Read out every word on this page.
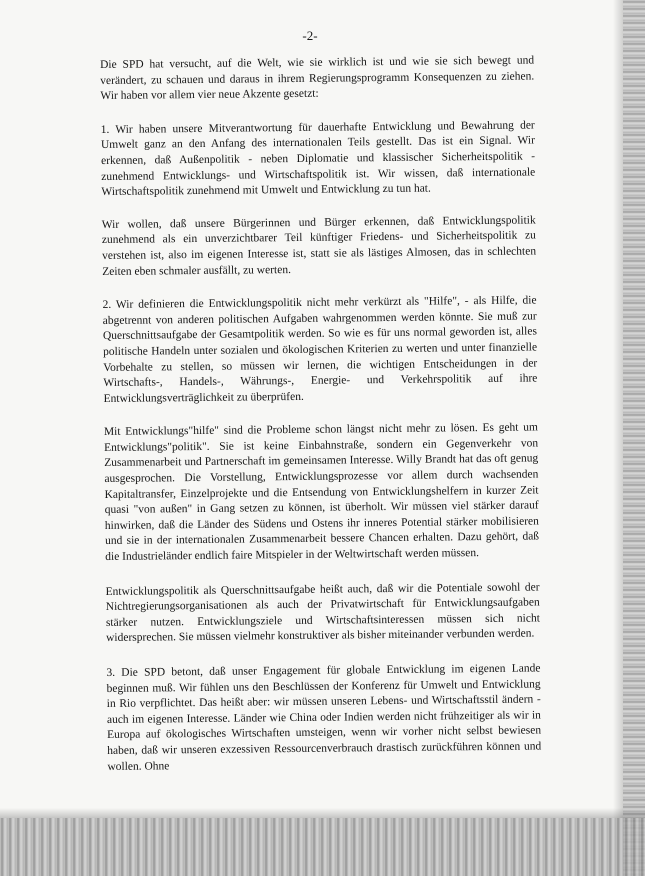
-2-

Die SPD hat versucht, auf die Welt, wie sie wirklich ist und wie sie sich bewegt und verändert, zu schauen und daraus in ihrem Regierungsprogramm Konsequenzen zu ziehen. Wir haben vor allem vier neue Akzente gesetzt:

1. Wir haben unsere Mitverantwortung für dauerhafte Entwicklung und Bewahrung der Umwelt ganz an den Anfang des internationalen Teils gestellt. Das ist ein Signal. Wir erkennen, daß Außenpolitik - neben Diplomatie und klassischer Sicherheitspolitik - zunehmend Entwicklungs- und Wirtschaftspolitik ist. Wir wissen, daß internationale Wirtschaftspolitik zunehmend mit Umwelt und Entwicklung zu tun hat.

Wir wollen, daß unsere Bürgerinnen und Bürger erkennen, daß Entwicklungspolitik zunehmend als ein unverzichtbarer Teil künftiger Friedens- und Sicherheitspolitik zu verstehen ist, also im eigenen Interesse ist, statt sie als lästiges Almosen, das in schlechten Zeiten eben schmaler ausfällt, zu werten.

2. Wir definieren die Entwicklungspolitik nicht mehr verkürzt als "Hilfe", - als Hilfe, die abgetrennt von anderen politischen Aufgaben wahrgenommen werden könnte. Sie muß zur Querschnittsaufgabe der Gesamtpolitik werden. So wie es für uns normal geworden ist, alles politische Handeln unter sozialen und ökologischen Kriterien zu werten und unter finanzielle Vorbehalte zu stellen, so müssen wir lernen, die wichtigen Entscheidungen in der Wirtschafts-, Handels-, Währungs-, Energie- und Verkehrspolitik auf ihre Entwicklungsverträglichkeit zu überprüfen.

Mit Entwicklungs"hilfe" sind die Probleme schon längst nicht mehr zu lösen. Es geht um Entwicklungs"politik". Sie ist keine Einbahnstraße, sondern ein Gegenverkehr von Zusammenarbeit und Partnerschaft im gemeinsamen Interesse. Willy Brandt hat das oft genug ausgesprochen. Die Vorstellung, Entwicklungsprozesse vor allem durch wachsenden Kapitaltransfer, Einzelprojekte und die Entsendung von Entwicklungshelfern in kurzer Zeit quasi "von außen" in Gang setzen zu können, ist überholt. Wir müssen viel stärker darauf hinwirken, daß die Länder des Südens und Ostens ihr inneres Potential stärker mobilisieren und sie in der internationalen Zusammenarbeit bessere Chancen erhalten. Dazu gehört, daß die Industrieländer endlich faire Mitspieler in der Weltwirtschaft werden müssen.

Entwicklungspolitik als Querschnittsaufgabe heißt auch, daß wir die Potentiale sowohl der Nichtregierungsorganisationen als auch der Privatwirtschaft für Entwicklungsaufgaben stärker nutzen. Entwicklungsziele und Wirtschaftsinteressen müssen sich nicht widersprechen. Sie müssen vielmehr konstruktiver als bisher miteinander verbunden werden.

3. Die SPD betont, daß unser Engagement für globale Entwicklung im eigenen Lande beginnen muß. Wir fühlen uns den Beschlüssen der Konferenz für Umwelt und Entwicklung in Rio verpflichtet. Das heißt aber: wir müssen unseren Lebens- und Wirtschaftsstil ändern - auch im eigenen Interesse. Länder wie China oder Indien werden nicht frühzeitiger als wir in Europa auf ökologisches Wirtschaften umsteigen, wenn wir vorher nicht selbst bewiesen haben, daß wir unseren exzessiven Ressourcenverbrauch drastisch zurückführen können und wollen. Ohne
